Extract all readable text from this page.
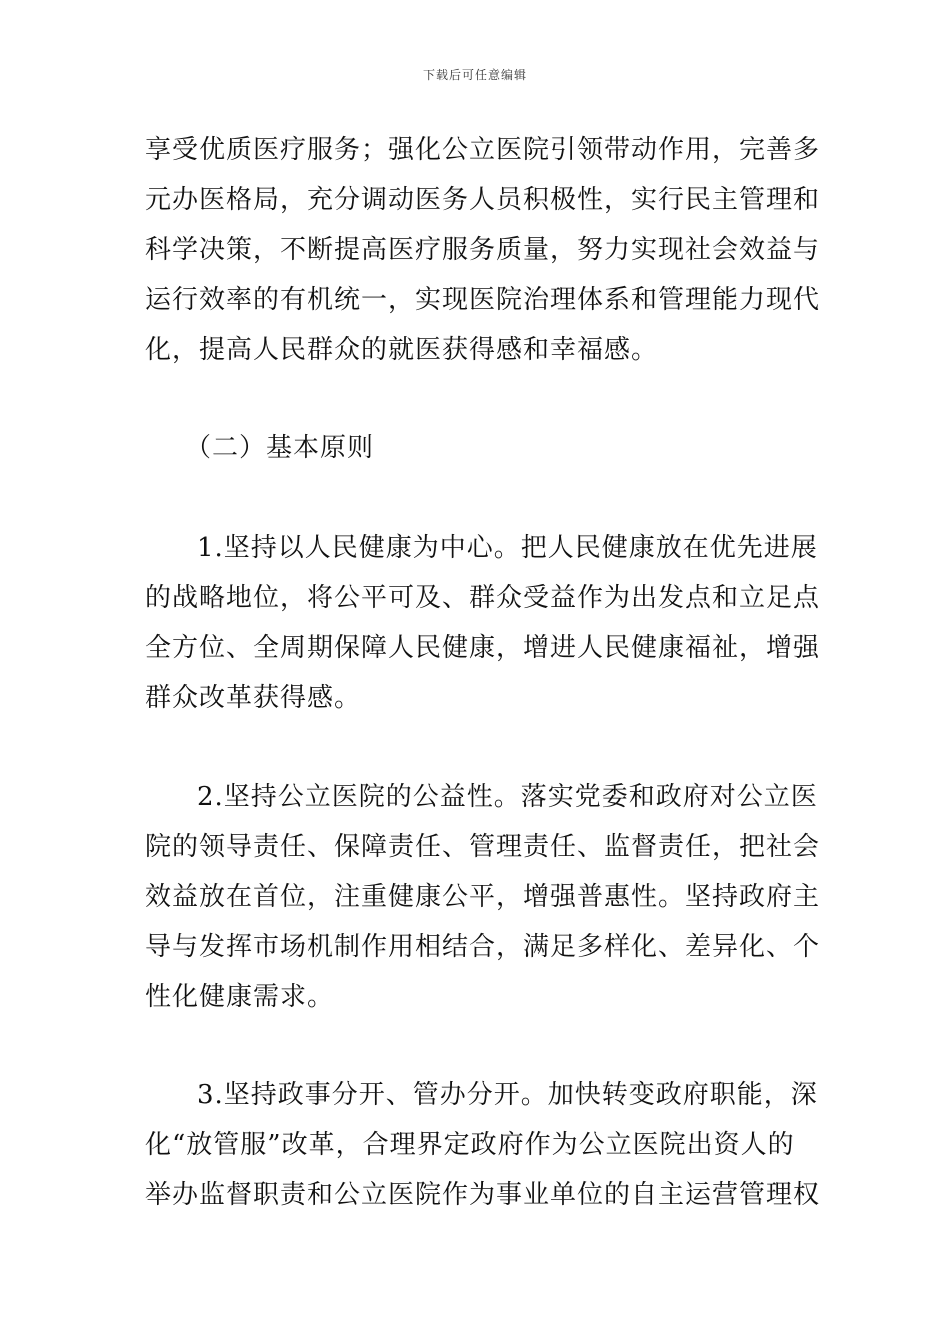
下载后可任意编辑
享受优质医疗服务；强化公立医院引领带动作用，完善多
元办医格局，充分调动医务人员积极性，实行民主管理和
科学决策，不断提高医疗服务质量，努力实现社会效益与
运行效率的有机统一，实现医院治理体系和管理能力现代
化，提高人民群众的就医获得感和幸福感。
（二）基本原则
1.坚持以人民健康为中心。把人民健康放在优先进展
的战略地位，将公平可及、群众受益作为出发点和立足点
全方位、全周期保障人民健康，增进人民健康福祉，增强
群众改革获得感。
2.坚持公立医院的公益性。落实党委和政府对公立医
院的领导责任、保障责任、管理责任、监督责任，把社会
效益放在首位，注重健康公平，增强普惠性。坚持政府主
导与发挥市场机制作用相结合，满足多样化、差异化、个
性化健康需求。
3.坚持政事分开、管办分开。加快转变政府职能，深
化“放管服”改革，合理界定政府作为公立医院出资人的
举办监督职责和公立医院作为事业单位的自主运营管理权
